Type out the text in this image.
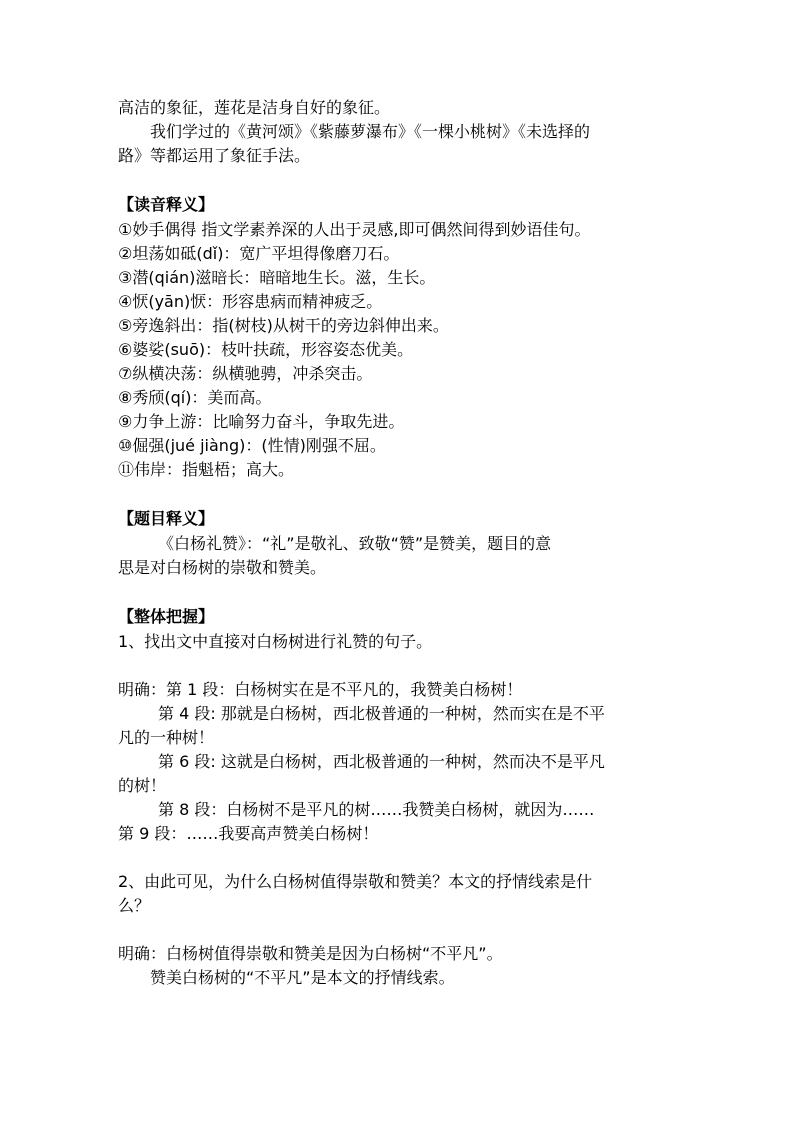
高洁的象征，莲花是洁身自好的象征。
我们学过的《黄河颂》《紫藤萝瀑布》《一棵小桃树》《未选择的
路》等都运用了象征手法。
【读音释义】
①妙手偶得 指文学素养深的人出于灵感,即可偶然间得到妙语佳句。
②坦荡如砥(dǐ)：宽广平坦得像磨刀石。
③潜(qián)滋暗长：暗暗地生长。滋，生长。
④恹(yān)恹：形容患病而精神疲乏。
⑤旁逸斜出：指(树枝)从树干的旁边斜伸出来。
⑥婆娑(suō)：枝叶扶疏，形容姿态优美。
⑦纵横决荡：纵横驰骋，冲杀突击。
⑧秀颀(qí)：美而高。
⑨力争上游：比喻努力奋斗，争取先进。
⑩倔强(jué jiàng)：(性情)刚强不屈。
⑪伟岸：指魁梧；高大。
【题目释义】
《白杨礼赞》：“礼”是敬礼、致敬“赞”是赞美，题目的意
思是对白杨树的崇敬和赞美。
【整体把握】
1、找出文中直接对白杨树进行礼赞的句子。
明确：第 1 段：白杨树实在是不平凡的，我赞美白杨树！
第 4 段: 那就是白杨树，西北极普通的一种树，然而实在是不平
凡的一种树！
第 6 段: 这就是白杨树，西北极普通的一种树，然而决不是平凡
的树！
第 8 段：白杨树不是平凡的树……我赞美白杨树，就因为……
第 9 段：……我要高声赞美白杨树！
2、由此可见，为什么白杨树值得崇敬和赞美？本文的抒情线索是什
么？
明确：白杨树值得崇敬和赞美是因为白杨树“不平凡”。
赞美白杨树的“不平凡”是本文的抒情线索。
